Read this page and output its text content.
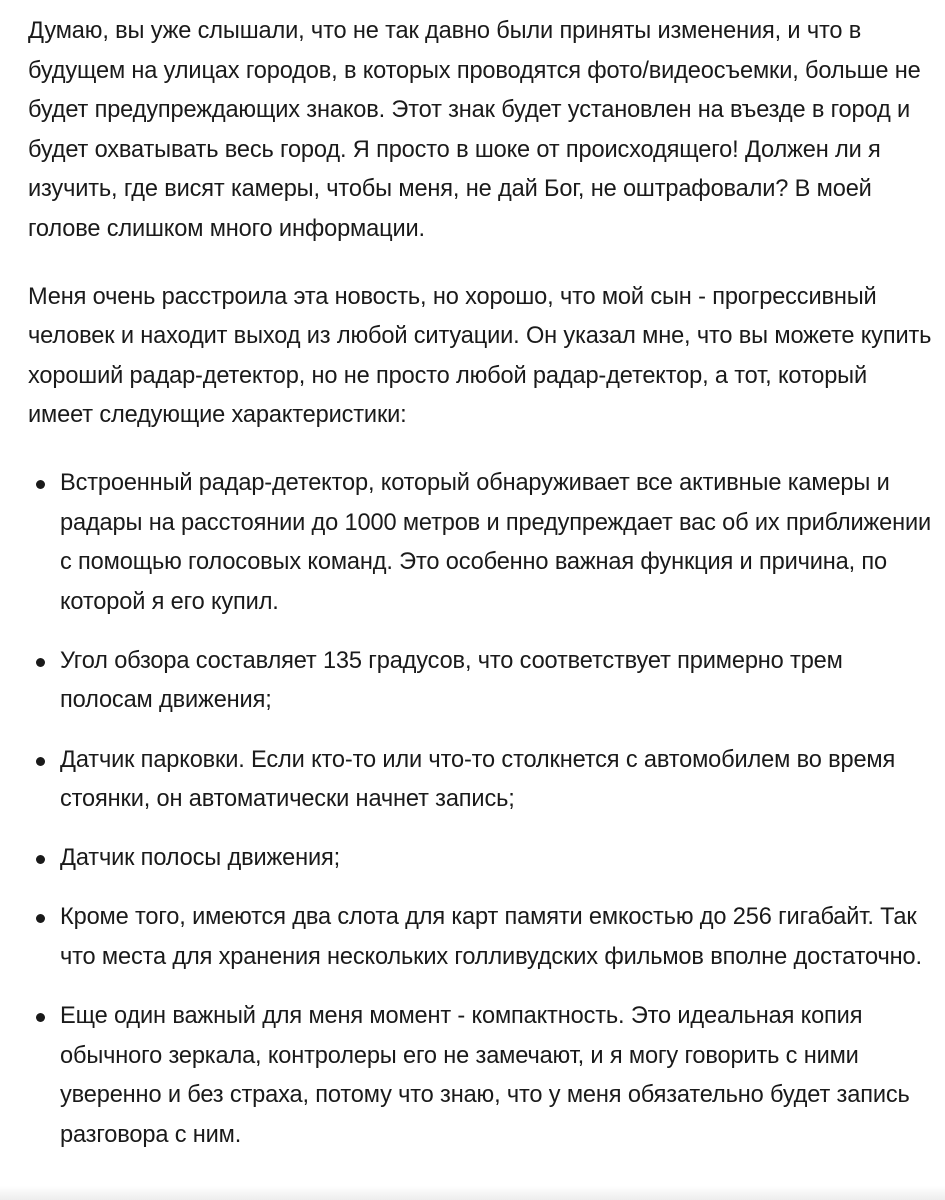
Думаю, вы уже слышали, что не так давно были приняты изменения, и что в будущем на улицах городов, в которых проводятся фото/видеосъемки, больше не будет предупреждающих знаков. Этот знак будет установлен на въезде в город и будет охватывать весь город. Я просто в шоке от происходящего! Должен ли я изучить, где висят камеры, чтобы меня, не дай Бог, не оштрафовали? В моей голове слишком много информации.

Меня очень расстроила эта новость, но хорошо, что мой сын - прогрессивный человек и находит выход из любой ситуации. Он указал мне, что вы можете купить хороший радар-детектор, но не просто любой радар-детектор, а тот, который имеет следующие характеристики:

Встроенный радар-детектор, который обнаруживает все активные камеры и радары на расстоянии до 1000 метров и предупреждает вас об их приближении с помощью голосовых команд. Это особенно важная функция и причина, по которой я его купил.
Угол обзора составляет 135 градусов, что соответствует примерно трем полосам движения;
Датчик парковки. Если кто-то или что-то столкнется с автомобилем во время стоянки, он автоматически начнет запись;
Датчик полосы движения;
Кроме того, имеются два слота для карт памяти емкостью до 256 гигабайт. Так что места для хранения нескольких голливудских фильмов вполне достаточно.
Еще один важный для меня момент - компактность. Это идеальная копия обычного зеркала, контролеры его не замечают, и я могу говорить с ними уверенно и без страха, потому что знаю, что у меня обязательно будет запись разговора с ним.
